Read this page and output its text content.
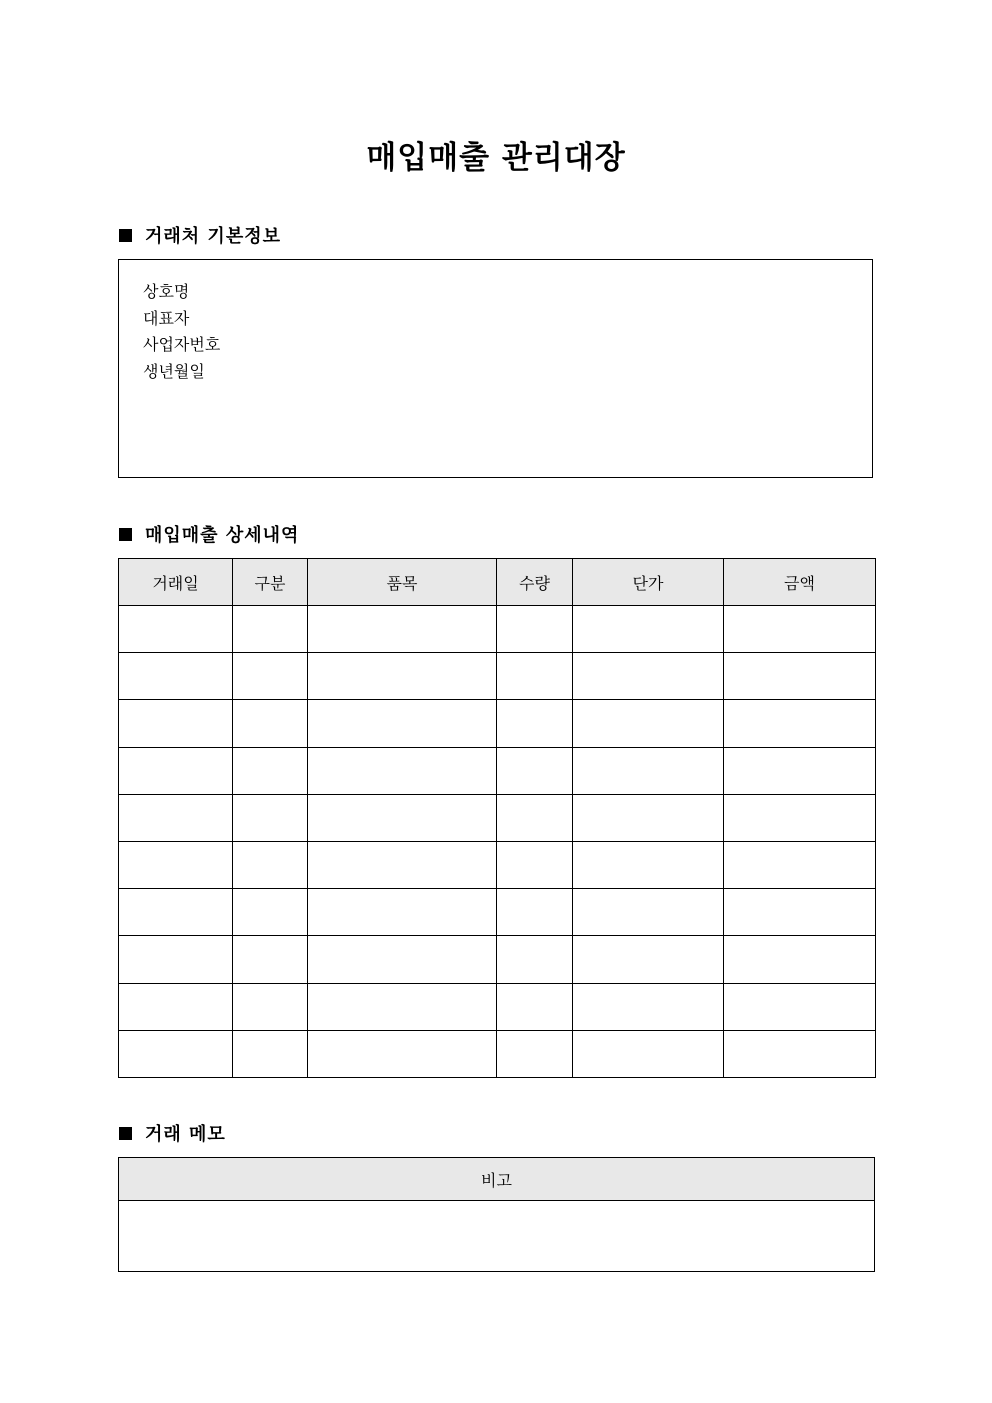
매입매출 관리대장
거래처 기본정보
상호명
대표자
사업자번호
생년월일
매입매출 상세내역
거래일	구분	품목	수량	단가	금액

거래 메모
비고
